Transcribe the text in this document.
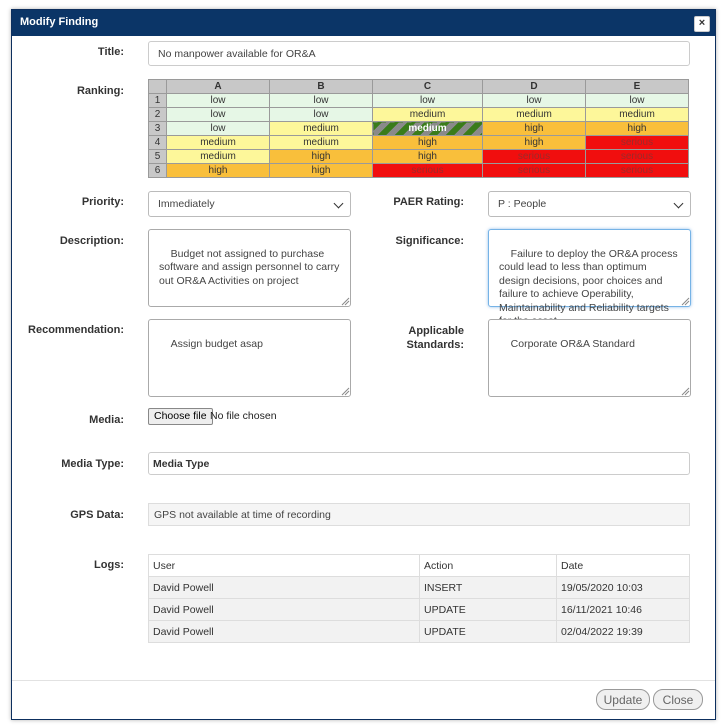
Modify Finding	×
Title:	No manpower available for OR&A
Ranking:
		A	B	C	D	E
1	low	low	low	low	low
2	low	low	medium	medium	medium
3	low	medium	medium	high	high
4	medium	medium	high	high	serious
5	medium	high	high	serious	serious
6	high	high	serious	serious	serious
Priority:	Immediately	PAER Rating:	P : People
Description:

Budget not assigned to purchase software and assign personnel to carry out OR&A Activities on project

Significance:

Failure to deploy the OR&A process could lead to less than optimum design decisions, poor choices and failure to achieve Operability, Maintainability and Reliability targets

Recommendation:

Assign budget asap

Applicable
Standards:	Corporate OR&A Standard

Media:	Choose file No file chosen
Media Type:	Media Type
GPS Data:	GPS not available at time of recording
Logs:	User	Action	Date
David Powell	INSERT	19/05/2020 10:03
David Powell	UPDATE	16/11/2021 10:46
David Powell	UPDATE	02/04/2022 19:39
Update	Close
